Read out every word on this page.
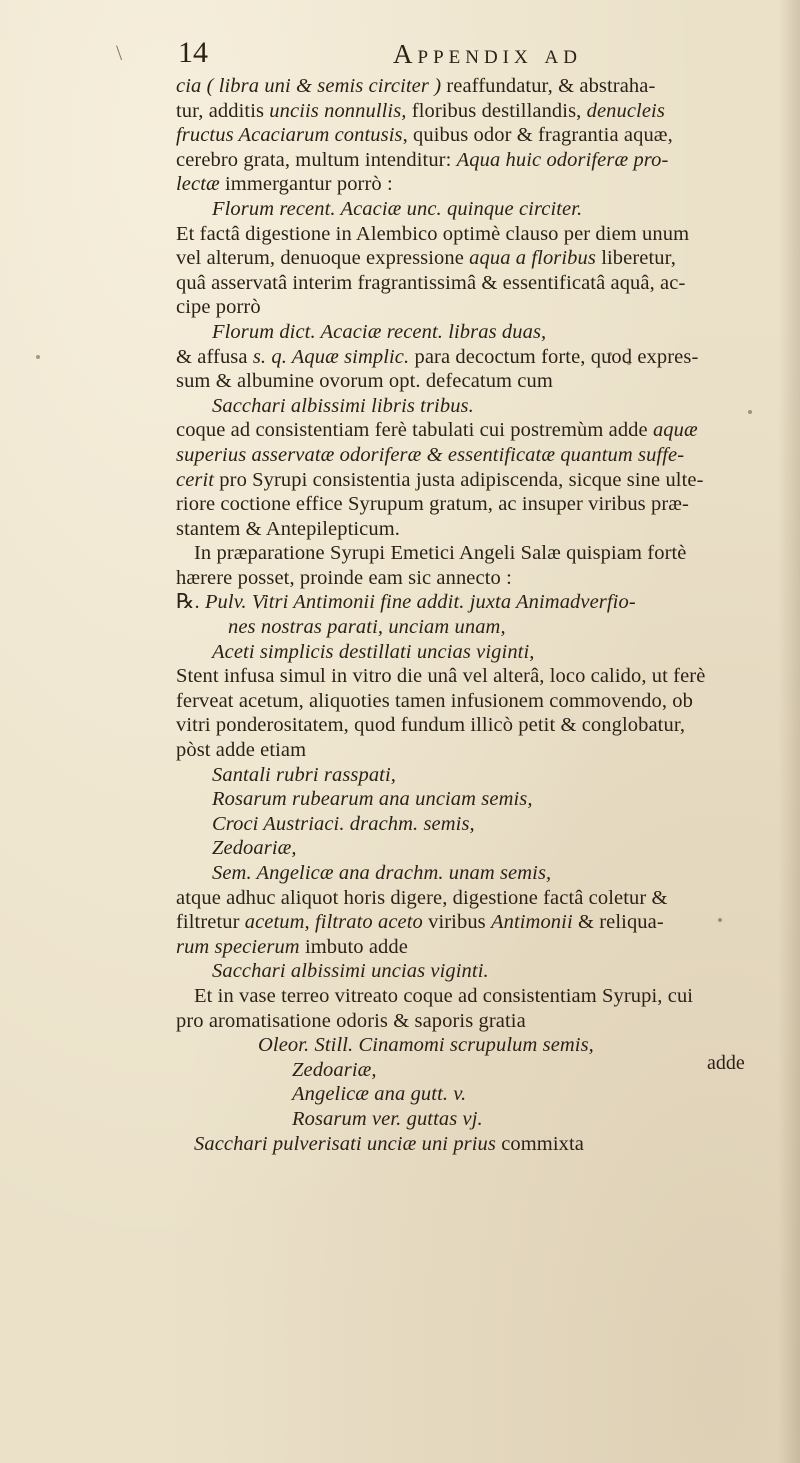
14	Appendix ad
cia ( libra uni & semis circiter ) reaffundatur, & abstraha-
tur, additis unciis nonnullis, floribus destillandis, denucleis
fructus Acaciarum contusis, quibus odor & fragrantia aquæ,
cerebro grata, multum intenditur: Aqua huic odoriferæ pro-
lectæ immergantur porrò :
Florum recent. Acaciæ unc. quinque circiter.
Et factâ digestione in Alembico optimè clauso per diem unum
vel alterum, denuoque expressione aqua a floribus liberetur,
quâ asservatâ interim fragrantissimâ & essentificatâ aquâ, ac-
cipe porrò
Florum dict. Acaciæ recent. libras duas,
& affusa s. q. Aquæ simplic. para decoctum forte, quod expres-
sum & albumine ovorum opt. defecatum cum
Sacchari albissimi libris tribus.
coque ad consistentiam ferè tabulati cui postremùm adde aquæ
superius asservatæ odoriferæ & essentificatæ quantum suffe-
cerit pro Syrupi consistentia justa adipiscenda, sicque sine ulte-
riore coctione effice Syrupum gratum, ac insuper viribus præ-
stantem & Antepilepticum.
In præparatione Syrupi Emetici Angeli Salæ quispiam fortè
hærere posset, proinde eam sic annecto :
℞. Pulv. Vitri Antimonii fine addit. juxta Animadverfio-
nes nostras parati, unciam unam,
Aceti simplicis destillati uncias viginti,
Stent infusa simul in vitro die unâ vel alterâ, loco calido, ut ferè
ferveat acetum, aliquoties tamen infusionem commovendo, ob
vitri ponderositatem, quod fundum illicò petit & conglobatur,
pòst adde etiam
Santali rubri rasspati,
Rosarum rubearum ana unciam semis,
Croci Austriaci. drachm. semis,
Zedoariæ,
Sem. Angelicæ ana drachm. unam semis,
atque adhuc aliquot horis digere, digestione factâ coletur &
filtretur acetum, filtrato aceto viribus Antimonii & reliqua-
rum specierum imbuto adde
Sacchari albissimi uncias viginti.
Et in vase terreo vitreato coque ad consistentiam Syrupi, cui
pro aromatisatione odoris & saporis gratia
Oleor. Still. Cinamomi scrupulum semis,
Zedoariæ,
Angelicæ ana gutt. v.
Rosarum ver. guttas vj.
Sacchari pulverisati unciæ uni prius commixta
adde
\
